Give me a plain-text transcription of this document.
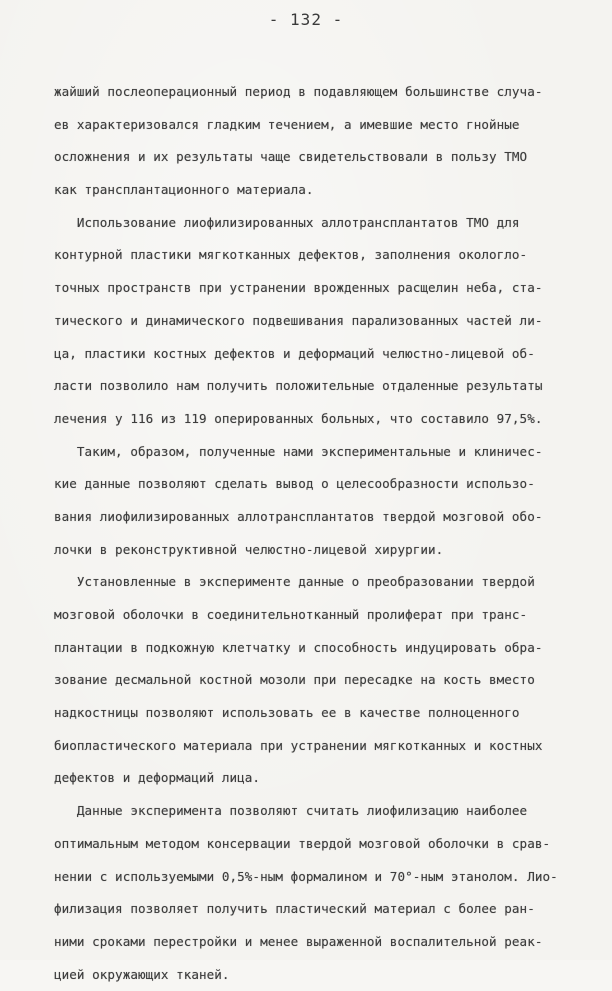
- 132 -
жайший послеоперационный период в подавляющем большинстве случа-
ев характеризовался гладким течением, а имевшие место гнойные
осложнения и их результаты чаще свидетельствовали в пользу ТМО
как трансплантационного материала.
Использование лиофилизированных аллотрансплантатов ТМО для
контурной пластики мягкотканных дефектов, заполнения окологло-
точных пространств при устранении врожденных расщелин неба, ста-
тического и динамического подвешивания парализованных частей ли-
ца, пластики костных дефектов и деформаций челюстно-лицевой об-
ласти позволило нам получить положительные отдаленные результаты
лечения у 116 из 119 оперированных больных, что составило 97,5%.
Таким, образом, полученные нами экспериментальные и клиничес-
кие данные позволяют сделать вывод о целесообразности использо-
вания лиофилизированных аллотрансплантатов твердой мозговой обо-
лочки в реконструктивной челюстно-лицевой хирургии.
Установленные в эксперименте данные о преобразовании твердой
мозговой оболочки в соединительнотканный пролиферат при транс-
плантации в подкожную клетчатку и способность индуцировать обра-
зование десмальной костной мозоли при пересадке на кость вместо
надкостницы позволяют использовать ее в качестве полноценного
биопластического материала при устранении мягкотканных и костных
дефектов и деформаций лица.
Данные эксперимента позволяют считать лиофилизацию наиболее
оптимальным методом консервации твердой мозговой оболочки в срав-
нении с используемыми 0,5%-ным формалином и 70°-ным этанолом. Лио-
филизация позволяет получить пластический материал с более ран-
ними сроками перестройки и менее выраженной воспалительной реак-
цией окружающих тканей.
